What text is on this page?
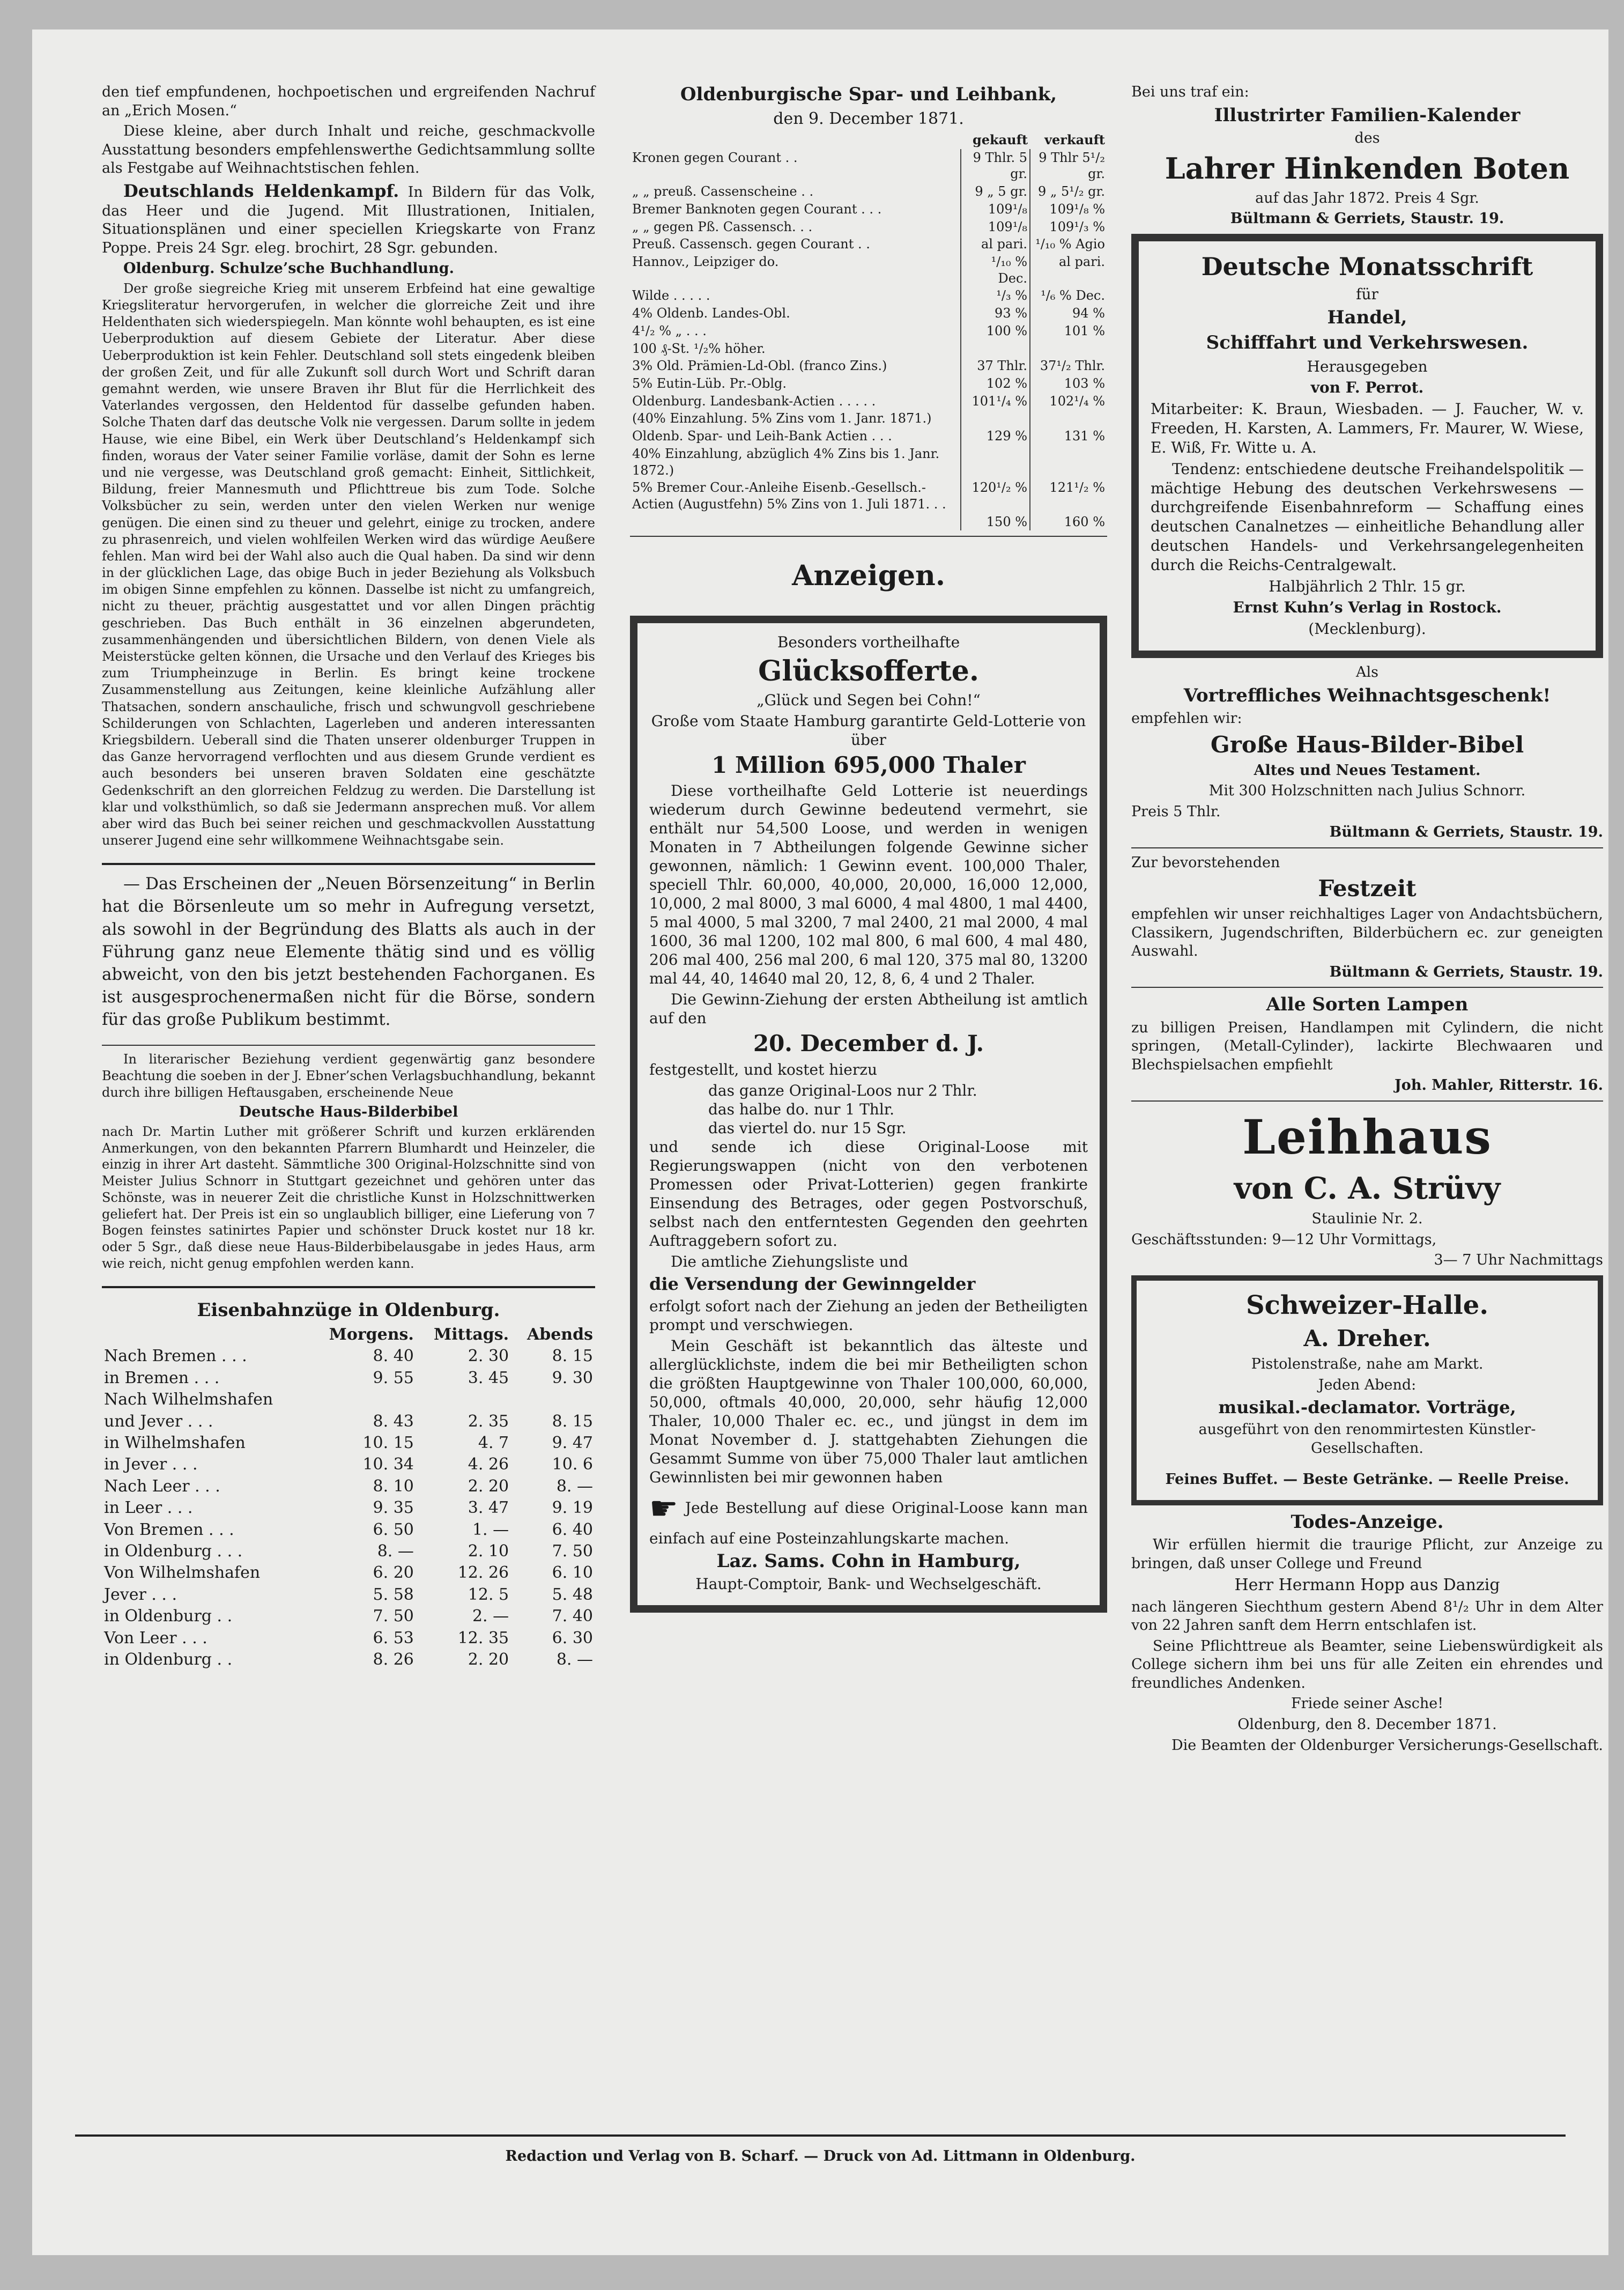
den tief empfundenen, hochpoetischen und ergreifenden Nachruf an „Erich Mosen.“

Diese kleine, aber durch Inhalt und reiche, geschmackvolle Ausstattung besonders empfehlenswerthe Gedichtsammlung sollte als Festgabe auf Weihnachtstischen fehlen.

Deutschlands Heldenkampf. In Bildern für das Volk, das Heer und die Jugend. Mit Illustrationen, Initialen, Situationsplänen und einer speciellen Kriegskarte von Franz Poppe. Preis 24 Sgr. eleg. brochirt, 28 Sgr. gebunden.

Oldenburg. Schulze’sche Buchhandlung.

Der große siegreiche Krieg mit unserem Erbfeind hat eine gewaltige Kriegsliteratur hervorgerufen, in welcher die glorreiche Zeit und ihre Heldenthaten sich wiederspiegeln. Man könnte wohl behaupten, es ist eine Ueberproduktion auf diesem Gebiete der Literatur. Aber diese Ueberproduktion ist kein Fehler. Deutschland soll stets eingedenk bleiben der großen Zeit, und für alle Zukunft soll durch Wort und Schrift daran gemahnt werden, wie unsere Braven ihr Blut für die Herrlichkeit des Vaterlandes vergossen, den Heldentod für dasselbe gefunden haben. Solche Thaten darf das deutsche Volk nie vergessen. Darum sollte in jedem Hause, wie eine Bibel, ein Werk über Deutschland’s Heldenkampf sich finden, woraus der Vater seiner Familie vorläse, damit der Sohn es lerne und nie vergesse, was Deutschland groß gemacht: Einheit, Sittlichkeit, Bildung, freier Mannesmuth und Pflichttreue bis zum Tode. Solche Volksbücher zu sein, werden unter den vielen Werken nur wenige genügen. Die einen sind zu theuer und gelehrt, einige zu trocken, andere zu phrasenreich, und vielen wohlfeilen Werken wird das würdige Aeußere fehlen. Man wird bei der Wahl also auch die Qual haben. Da sind wir denn in der glücklichen Lage, das obige Buch in jeder Beziehung als Volksbuch im obigen Sinne empfehlen zu können. Dasselbe ist nicht zu umfangreich, nicht zu theuer, prächtig ausgestattet und vor allen Dingen prächtig geschrieben. Das Buch enthält in 36 einzelnen abgerundeten, zusammenhängenden und übersichtlichen Bildern, von denen Viele als Meisterstücke gelten können, die Ursache und den Verlauf des Krieges bis zum Triumpheinzuge in Berlin. Es bringt keine trockene Zusammenstellung aus Zeitungen, keine kleinliche Aufzählung aller Thatsachen, sondern anschauliche, frisch und schwungvoll geschriebene Schilderungen von Schlachten, Lagerleben und anderen interessanten Kriegsbildern. Ueberall sind die Thaten unserer oldenburger Truppen in das Ganze hervorragend verflochten und aus diesem Grunde verdient es auch besonders bei unseren braven Soldaten eine geschätzte Gedenkschrift an den glorreichen Feldzug zu werden. Die Darstellung ist klar und volksthümlich, so daß sie Jedermann ansprechen muß. Vor allem aber wird das Buch bei seiner reichen und geschmackvollen Ausstattung unserer Jugend eine sehr willkommene Weihnachtsgabe sein.

— Das Erscheinen der „Neuen Börsenzeitung“ in Berlin hat die Börsenleute um so mehr in Aufregung versetzt, als sowohl in der Begründung des Blatts als auch in der Führung ganz neue Elemente thätig sind und es völlig abweicht, von den bis jetzt bestehenden Fachorganen. Es ist ausgesprochenermaßen nicht für die Börse, sondern für das große Publikum bestimmt.

In literarischer Beziehung verdient gegenwärtig ganz besondere Beachtung die soeben in der J. Ebner’schen Verlagsbuchhandlung, bekannt durch ihre billigen Heftausgaben, erscheinende Neue

Deutsche Haus-Bilderbibel

nach Dr. Martin Luther mit größerer Schrift und kurzen erklärenden Anmerkungen, von den bekannten Pfarrern Blumhardt und Heinzeler, die einzig in ihrer Art dasteht. Sämmtliche 300 Original-Holzschnitte sind von Meister Julius Schnorr in Stuttgart gezeichnet und gehören unter das Schönste, was in neuerer Zeit die christliche Kunst in Holzschnittwerken geliefert hat. Der Preis ist ein so unglaublich billiger, eine Lieferung von 7 Bogen feinstes satinirtes Papier und schönster Druck kostet nur 18 kr. oder 5 Sgr., daß diese neue Haus-Bilderbibelausgabe in jedes Haus, arm wie reich, nicht genug empfohlen werden kann.

Eisenbahnzüge in Oldenburg.

	Morgens.	Mittags.	Abends
Nach Bremen . . .	8. 40	2. 30	8. 15
in Bremen . . .	9. 55	3. 45	9. 30
Nach Wilhelmshafen			
und Jever . . .	8. 43	2. 35	8. 15
in Wilhelmshafen	10. 15	4. 7	9. 47
in Jever . . .	10. 34	4. 26	10. 6
Nach Leer . . .	8. 10	2. 20	8. —
in Leer . . .	9. 35	3. 47	9. 19
Von Bremen . . .	6. 50	1. —	6. 40
in Oldenburg . . .	8. —	2. 10	7. 50
Von Wilhelmshafen	6. 20	12. 26	6. 10
Jever . . .	5. 58	12. 5	5. 48
in Oldenburg . .	7. 50	2. —	7. 40
Von Leer . . .	6. 53	12. 35	6. 30
in Oldenburg . .	8. 26	2. 20	8. —

Oldenburgische Spar- und Leihbank,

den 9. December 1871.

	gekauft	verkauft
Kronen gegen Courant . .	9 Thlr. 5 gr.	9 Thlr 5¹/₂ gr.
„ „ preuß. Cassenscheine . .	9 „ 5 gr.	9 „ 5¹/₂ gr.
Bremer Banknoten gegen Courant . . .	109¹/₈	109¹/₈ %
„ „ gegen Pß. Cassensch. . .	109¹/₈	109¹/₃ %
Preuß. Cassensch. gegen Courant . .	al pari.	¹/₁₀ % Agio
Hannov., Leipziger do.	¹/₁₀ % Dec.	al pari.
Wilde . . . . .	¹/₃ %	¹/₆ % Dec.
4% Oldenb. Landes-Obl.	93 %	94 %
4¹/₂ % „ . . .	100 %	101 %
100 ₰-St. ¹/₂% höher.		
3% Old. Prämien-Ld-Obl. (franco Zins.)	37 Thlr.	37¹/₂ Thlr.
5% Eutin-Lüb. Pr.-Oblg.	102 %	103 %
Oldenburg. Landesbank-Actien . . . . .	101¹/₄ %	102¹/₄ %
(40% Einzahlung. 5% Zins vom 1. Janr. 1871.)		
Oldenb. Spar- und Leih-Bank Actien . . .	129 %	131 %
40% Einzahlung, abzüglich 4% Zins bis 1. Janr. 1872.)		
5% Bremer Cour.-Anleihe Eisenb.-Gesellsch.-Actien (Augustfehn) 5% Zins von 1. Juli 1871. . .	120¹/₂ %	121¹/₂ %
	150 %	160 %

Anzeigen.

Besonders vortheilhafte

Glücksofferte.

„Glück und Segen bei Cohn!“

Große vom Staate Hamburg garantirte Geld-Lotterie von über

1 Million 695,000 Thaler

Diese vortheilhafte Geld Lotterie ist neuerdings wiederum durch Gewinne bedeutend vermehrt, sie enthält nur 54,500 Loose, und werden in wenigen Monaten in 7 Abtheilungen folgende Gewinne sicher gewonnen, nämlich: 1 Gewinn event. 100,000 Thaler, speciell Thlr. 60,000, 40,000, 20,000, 16,000 12,000, 10,000, 2 mal 8000, 3 mal 6000, 4 mal 4800, 1 mal 4400, 5 mal 4000, 5 mal 3200, 7 mal 2400, 21 mal 2000, 4 mal 1600, 36 mal 1200, 102 mal 800, 6 mal 600, 4 mal 480, 206 mal 400, 256 mal 200, 6 mal 120, 375 mal 80, 13200 mal 44, 40, 14640 mal 20, 12, 8, 6, 4 und 2 Thaler.

Die Gewinn-Ziehung der ersten Abtheilung ist amtlich auf den

20. December d. J.

festgestellt, und kostet hierzu

das ganze Original-Loos nur 2 Thlr.
das halbe do. nur 1 Thlr.
das viertel do. nur 15 Sgr.

und sende ich diese Original-Loose mit Regierungswappen (nicht von den verbotenen Promessen oder Privat-Lotterien) gegen frankirte Einsendung des Betrages, oder gegen Postvorschuß, selbst nach den entferntesten Gegenden den geehrten Auftraggebern sofort zu.

Die amtliche Ziehungsliste und

die Versendung der Gewinngelder

erfolgt sofort nach der Ziehung an jeden der Betheiligten prompt und verschwiegen.

Mein Geschäft ist bekanntlich das älteste und allerglücklichste, indem die bei mir Betheiligten schon die größten Hauptgewinne von Thaler 100,000, 60,000, 50,000, oftmals 40,000, 20,000, sehr häufig 12,000 Thaler, 10,000 Thaler ec. ec., und jüngst in dem im Monat November d. J. stattgehabten Ziehungen die Gesammt Summe von über 75,000 Thaler laut amtlichen Gewinnlisten bei mir gewonnen haben

☛ Jede Bestellung auf diese Original-Loose kann man einfach auf eine Posteinzahlungskarte machen.

Laz. Sams. Cohn in Hamburg,

Haupt-Comptoir, Bank- und Wechselgeschäft.

Bei uns traf ein:

Illustrirter Familien-Kalender

des

Lahrer Hinkenden Boten

auf das Jahr 1872. Preis 4 Sgr.

Bültmann & Gerriets, Staustr. 19.

Deutsche Monatsschrift

für

Handel,

Schifffahrt und Verkehrswesen.

Herausgegeben

von F. Perrot.

Mitarbeiter: K. Braun, Wiesbaden. — J. Faucher, W. v. Freeden, H. Karsten, A. Lammers, Fr. Maurer, W. Wiese, E. Wiß, Fr. Witte u. A.

Tendenz: entschiedene deutsche Freihandelspolitik — mächtige Hebung des deutschen Verkehrswesens — durchgreifende Eisenbahnreform — Schaffung eines deutschen Canalnetzes — einheitliche Behandlung aller deutschen Handels- und Verkehrsangelegenheiten durch die Reichs-Centralgewalt.

Halbjährlich 2 Thlr. 15 gr.

Ernst Kuhn’s Verlag in Rostock.

(Mecklenburg).

Als

Vortreffliches Weihnachtsgeschenk!

empfehlen wir:

Große Haus-Bilder-Bibel

Altes und Neues Testament.

Mit 300 Holzschnitten nach Julius Schnorr.

Preis 5 Thlr.

Bültmann & Gerriets, Staustr. 19.

Zur bevorstehenden

Festzeit

empfehlen wir unser reichhaltiges Lager von Andachtsbüchern, Classikern, Jugendschriften, Bilderbüchern ec. zur geneigten Auswahl.

Bültmann & Gerriets, Staustr. 19.

Alle Sorten Lampen

zu billigen Preisen, Handlampen mit Cylindern, die nicht springen, (Metall-Cylinder), lackirte Blechwaaren und Blechspielsachen empfiehlt

Joh. Mahler, Ritterstr. 16.

Leihhaus

von C. A. Strüvy

Staulinie Nr. 2.

Geschäftsstunden: 9—12 Uhr Vormittags,

3— 7 Uhr Nachmittags

Schweizer-Halle.

A. Dreher.

Pistolenstraße, nahe am Markt.

Jeden Abend:

musikal.-declamator. Vorträge,

ausgeführt von den renommirtesten Künstler-Gesellschaften.

Feines Buffet. — Beste Getränke. — Reelle Preise.

Todes-Anzeige.

Wir erfüllen hiermit die traurige Pflicht, zur Anzeige zu bringen, daß unser College und Freund

Herr Hermann Hopp aus Danzig

nach längeren Siechthum gestern Abend 8¹/₂ Uhr in dem Alter von 22 Jahren sanft dem Herrn entschlafen ist.

Seine Pflichttreue als Beamter, seine Liebenswürdigkeit als College sichern ihm bei uns für alle Zeiten ein ehrendes und freundliches Andenken.

Friede seiner Asche!

Oldenburg, den 8. December 1871.

Die Beamten der Oldenburger Versicherungs-Gesellschaft.

Redaction und Verlag von B. Scharf. — Druck von Ad. Littmann in Oldenburg.
